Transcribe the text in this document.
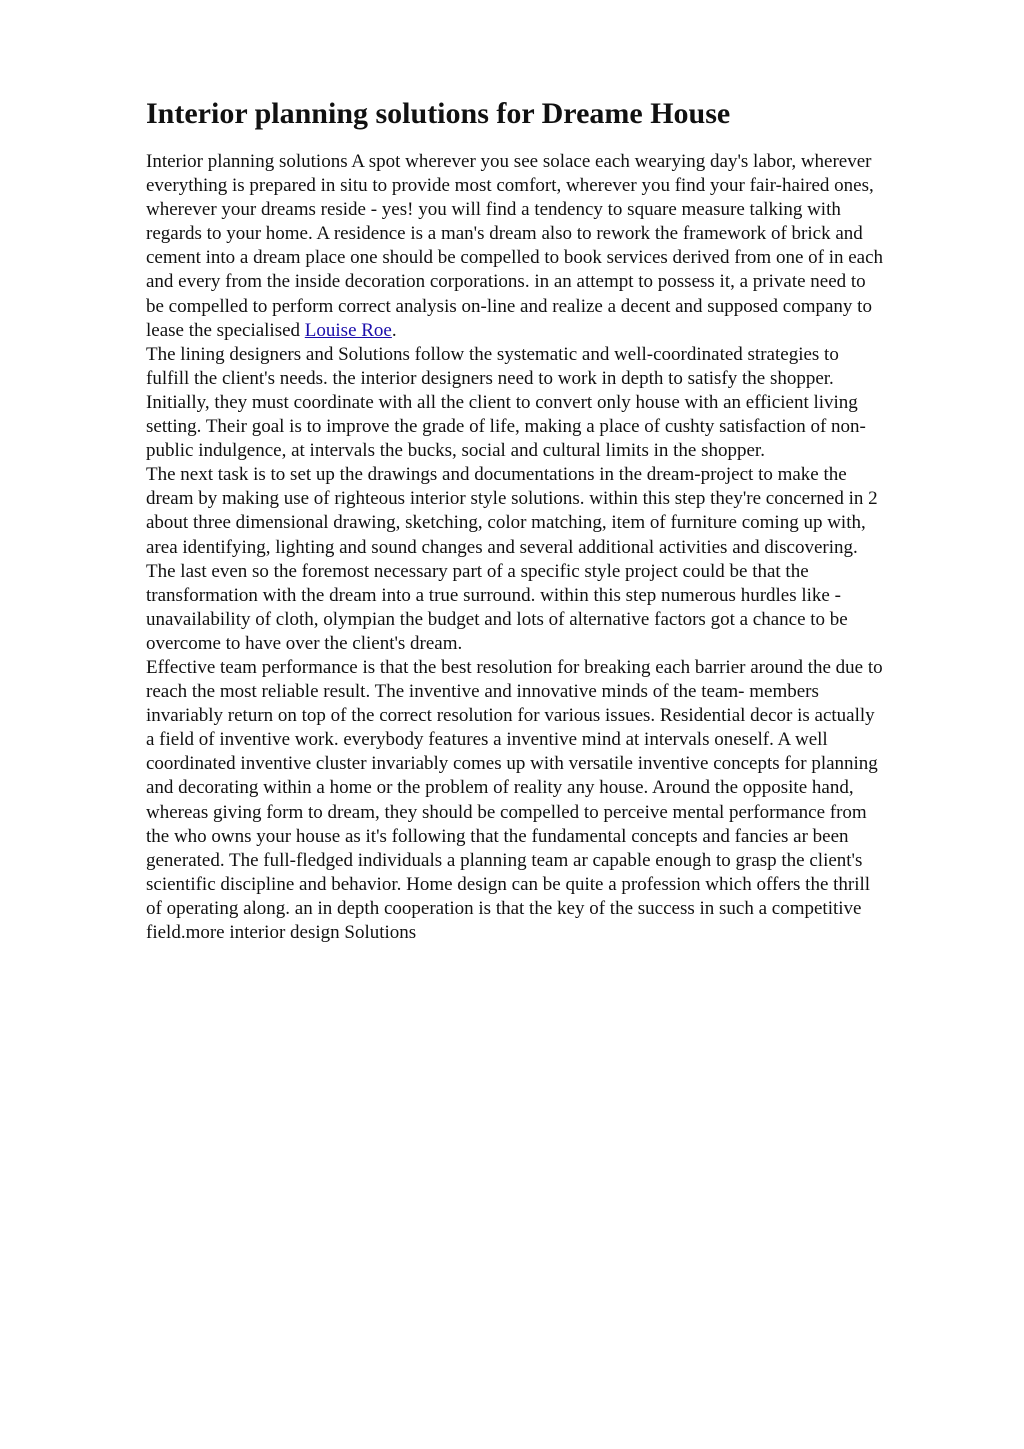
Interior planning solutions for Dreame House

Interior planning solutions A spot wherever you see solace each wearying day's labor, wherever
everything is prepared in situ to provide most comfort, wherever you find your fair-haired ones,
wherever your dreams reside - yes! you will find a tendency to square measure talking with
regards to your home. A residence is a man's dream also to rework the framework of brick and
cement into a dream place one should be compelled to book services derived from one of in each
and every from the inside decoration corporations. in an attempt to possess it, a private need to
be compelled to perform correct analysis on-line and realize a decent and supposed company to
lease the specialised Louise Roe.

The lining designers and Solutions follow the systematic and well-coordinated strategies to
fulfill the client's needs. the interior designers need to work in depth to satisfy the shopper.
Initially, they must coordinate with all the client to convert only house with an efficient living
setting. Their goal is to improve the grade of life, making a place of cushty satisfaction of non-
public indulgence, at intervals the bucks, social and cultural limits in the shopper.

The next task is to set up the drawings and documentations in the dream-project to make the
dream by making use of righteous interior style solutions. within this step they're concerned in 2
about three dimensional drawing, sketching, color matching, item of furniture coming up with,
area identifying, lighting and sound changes and several additional activities and discovering.
The last even so the foremost necessary part of a specific style project could be that the
transformation with the dream into a true surround. within this step numerous hurdles like -
unavailability of cloth, olympian the budget and lots of alternative factors got a chance to be
overcome to have over the client's dream.

Effective team performance is that the best resolution for breaking each barrier around the due to
reach the most reliable result. The inventive and innovative minds of the team- members
invariably return on top of the correct resolution for various issues. Residential decor is actually
a field of inventive work. everybody features a inventive mind at intervals oneself. A well
coordinated inventive cluster invariably comes up with versatile inventive concepts for planning
and decorating within a home or the problem of reality any house. Around the opposite hand,
whereas giving form to dream, they should be compelled to perceive mental performance from
the who owns your house as it's following that the fundamental concepts and fancies ar been
generated. The full-fledged individuals a planning team ar capable enough to grasp the client's
scientific discipline and behavior. Home design can be quite a profession which offers the thrill
of operating along. an in depth cooperation is that the key of the success in such a competitive
field.more interior design Solutions
